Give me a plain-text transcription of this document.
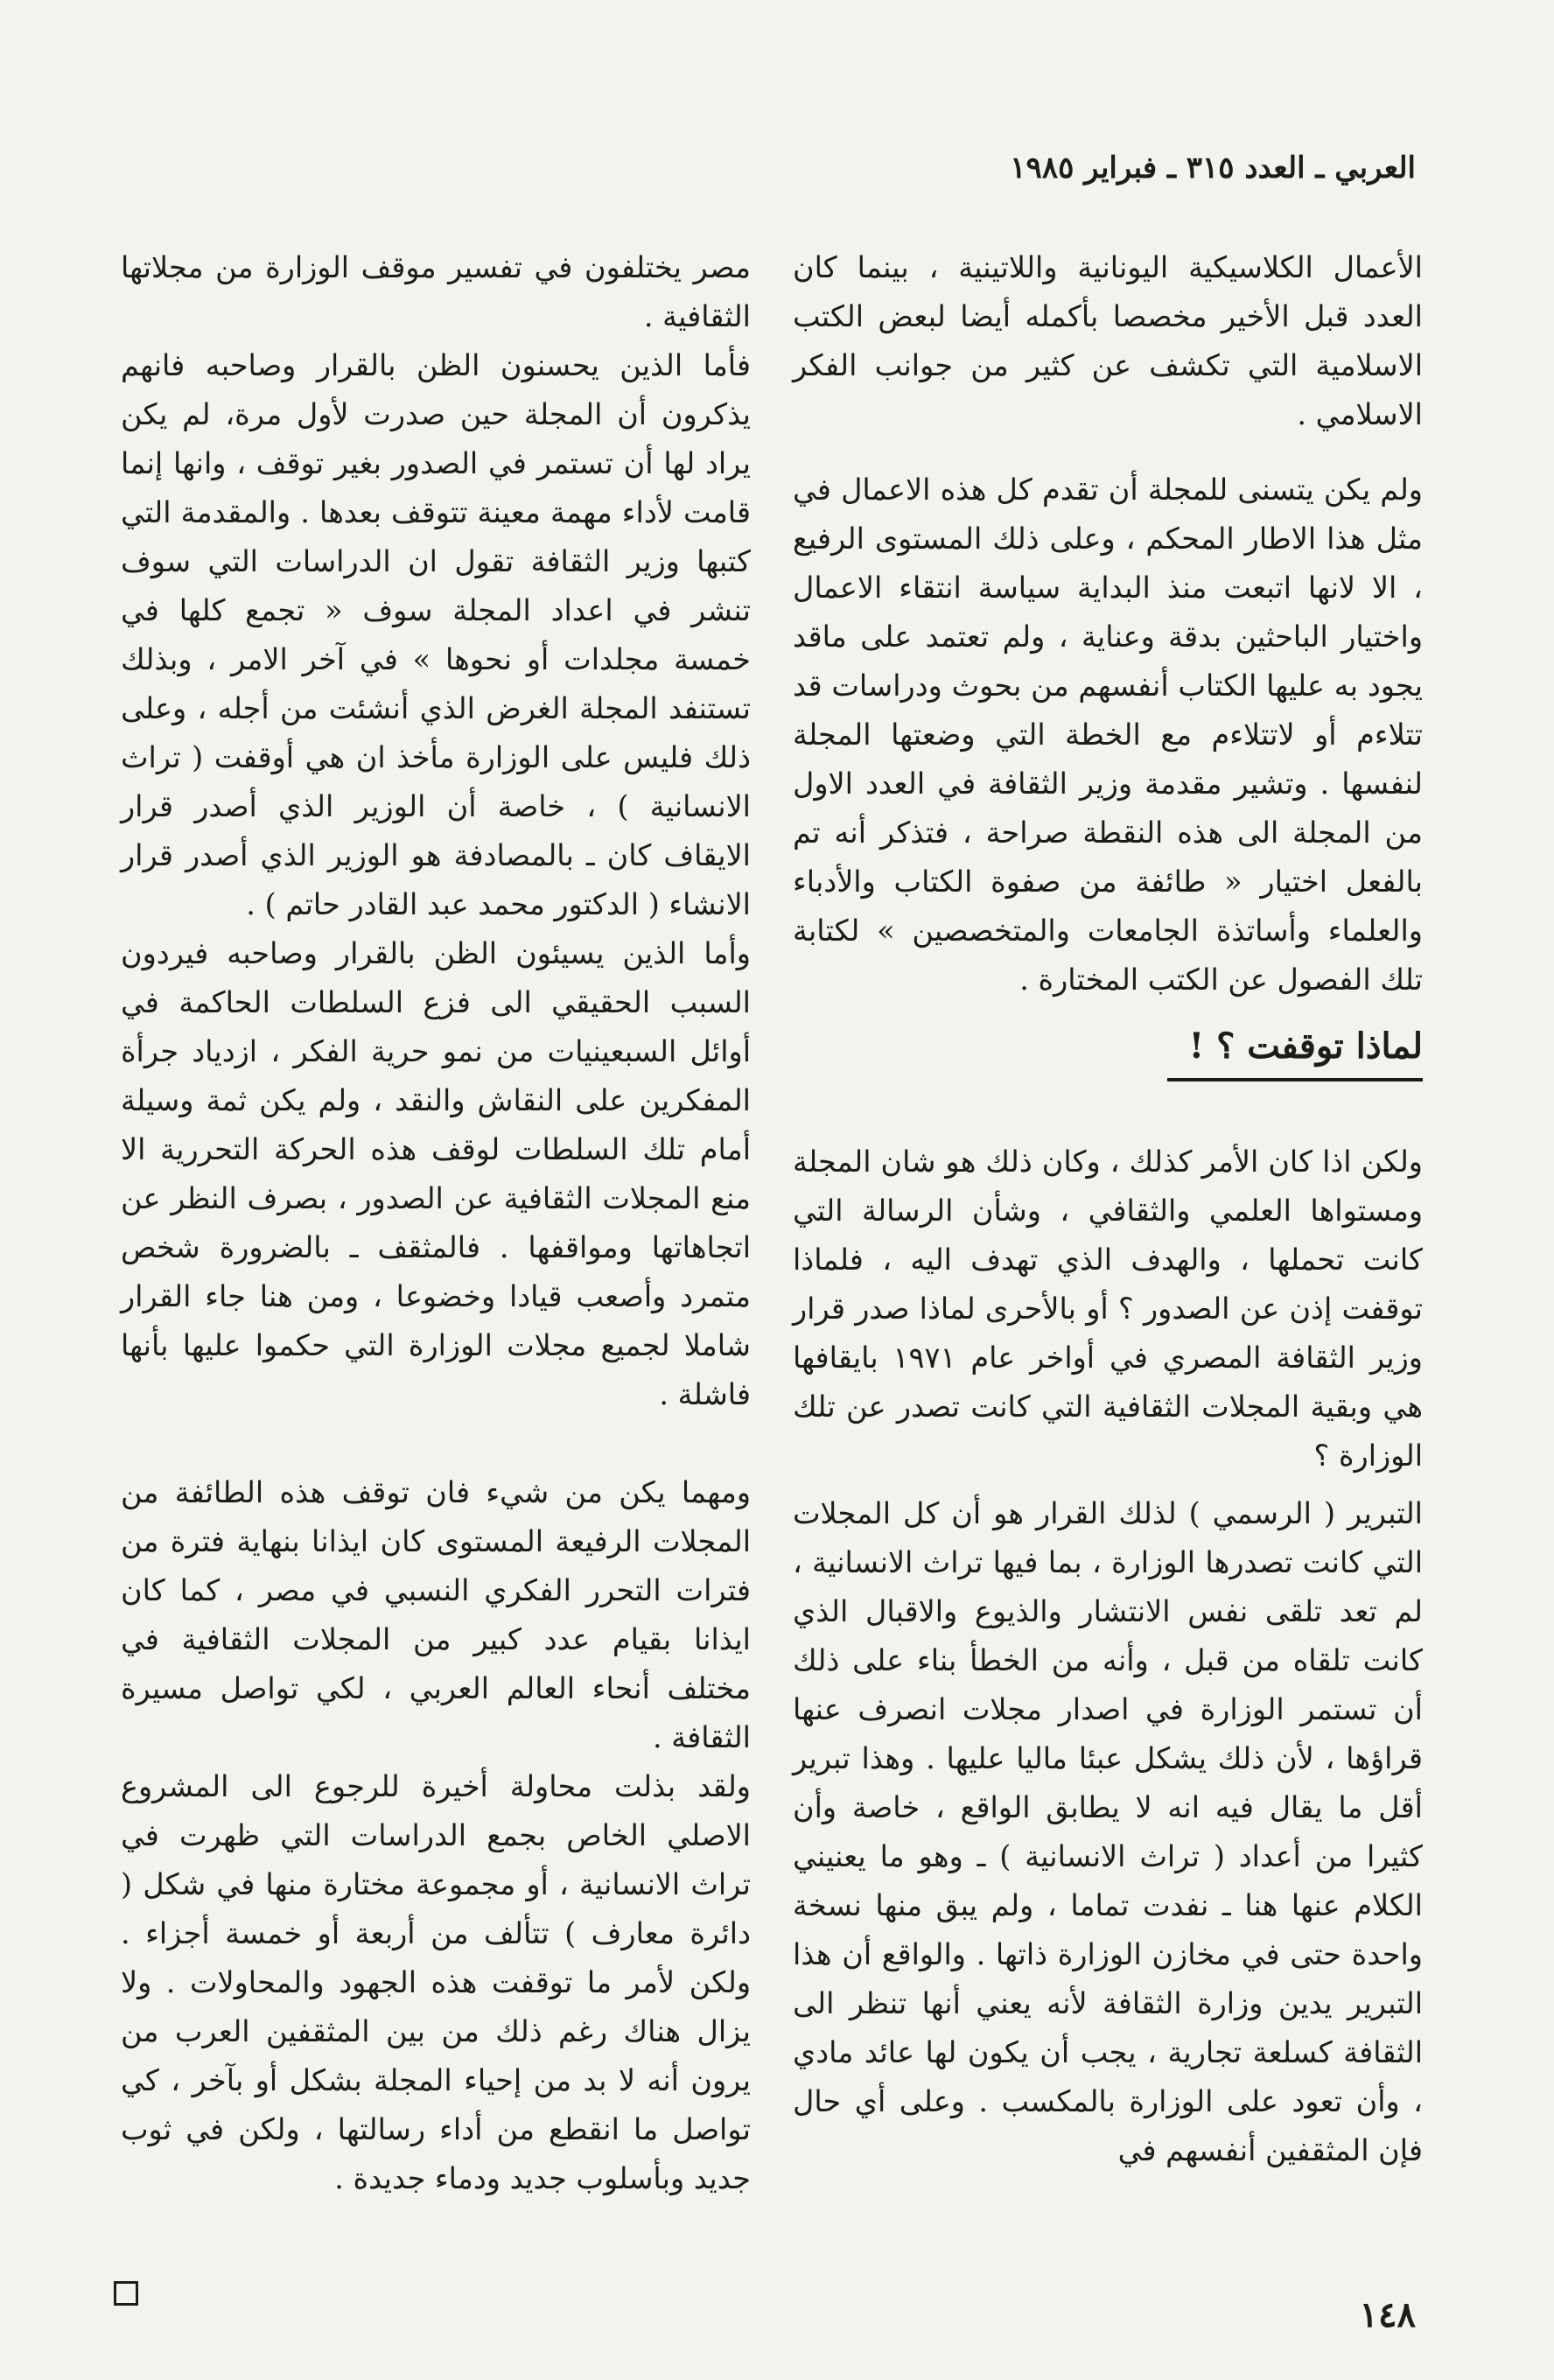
العربي ـ العدد ٣١٥ ـ فبراير ١٩٨٥

الأعمال الكلاسيكية اليونانية واللاتينية ، بينما كان العدد قبل الأخير مخصصا بأكمله أيضا لبعض الكتب الاسلامية التي تكشف عن كثير من جوانب الفكر الاسلامي .

ولم يكن يتسنى للمجلة أن تقدم كل هذه الاعمال في مثل هذا الاطار المحكم ، وعلى ذلك المستوى الرفيع ، الا لانها اتبعت منذ البداية سياسة انتقاء الاعمال واختيار الباحثين بدقة وعناية ، ولم تعتمد على ماقد يجود به عليها الكتاب أنفسهم من بحوث ودراسات قد تتلاءم أو لاتتلاءم مع الخطة التي وضعتها المجلة لنفسها . وتشير مقدمة وزير الثقافة في العدد الاول من المجلة الى هذه النقطة صراحة ، فتذكر أنه تم بالفعل اختيار « طائفة من صفوة الكتاب والأدباء والعلماء وأساتذة الجامعات والمتخصصين » لكتابة تلك الفصول عن الكتب المختارة .

لماذا توقفت ؟ !

ولكن اذا كان الأمر كذلك ، وكان ذلك هو شان المجلة ومستواها العلمي والثقافي ، وشأن الرسالة التي كانت تحملها ، والهدف الذي تهدف اليه ، فلماذا توقفت إذن عن الصدور ؟ أو بالأحرى لماذا صدر قرار وزير الثقافة المصري في أواخر عام ١٩٧١ بايقافها هي وبقية المجلات الثقافية التي كانت تصدر عن تلك الوزارة ؟

التبرير ( الرسمي ) لذلك القرار هو أن كل المجلات التي كانت تصدرها الوزارة ، بما فيها تراث الانسانية ، لم تعد تلقى نفس الانتشار والذيوع والاقبال الذي كانت تلقاه من قبل ، وأنه من الخطأ بناء على ذلك أن تستمر الوزارة في اصدار مجلات انصرف عنها قراؤها ، لأن ذلك يشكل عبئا ماليا عليها . وهذا تبرير أقل ما يقال فيه انه لا يطابق الواقع ، خاصة وأن كثيرا من أعداد ( تراث الانسانية ) ـ وهو ما يعنيني الكلام عنها هنا ـ نفدت تماما ، ولم يبق منها نسخة واحدة حتى في مخازن الوزارة ذاتها . والواقع أن هذا التبرير يدين وزارة الثقافة لأنه يعني أنها تنظر الى الثقافة كسلعة تجارية ، يجب أن يكون لها عائد مادي ، وأن تعود على الوزارة بالمكسب . وعلى أي حال فإن المثقفين أنفسهم في

مصر يختلفون في تفسير موقف الوزارة من مجلاتها الثقافية .

فأما الذين يحسنون الظن بالقرار وصاحبه فانهم يذكرون أن المجلة حين صدرت لأول مرة، لم يكن يراد لها أن تستمر في الصدور بغير توقف ، وانها إنما قامت لأداء مهمة معينة تتوقف بعدها . والمقدمة التي كتبها وزير الثقافة تقول ان الدراسات التي سوف تنشر في اعداد المجلة سوف « تجمع كلها في خمسة مجلدات أو نحوها » في آخر الامر ، وبذلك تستنفد المجلة الغرض الذي أنشئت من أجله ، وعلى ذلك فليس على الوزارة مأخذ ان هي أوقفت ( تراث الانسانية ) ، خاصة أن الوزير الذي أصدر قرار الايقاف كان ـ بالمصادفة هو الوزير الذي أصدر قرار الانشاء ( الدكتور محمد عبد القادر حاتم ) .

وأما الذين يسيئون الظن بالقرار وصاحبه فيردون السبب الحقيقي الى فزع السلطات الحاكمة في أوائل السبعينيات من نمو حرية الفكر ، ازدياد جرأة المفكرين على النقاش والنقد ، ولم يكن ثمة وسيلة أمام تلك السلطات لوقف هذه الحركة التحررية الا منع المجلات الثقافية عن الصدور ، بصرف النظر عن اتجاهاتها ومواقفها . فالمثقف ـ بالضرورة شخص متمرد وأصعب قيادا وخضوعا ، ومن هنا جاء القرار شاملا لجميع مجلات الوزارة التي حكموا عليها بأنها فاشلة .

ومهما يكن من شيء فان توقف هذه الطائفة من المجلات الرفيعة المستوى كان ايذانا بنهاية فترة من فترات التحرر الفكري النسبي في مصر ، كما كان ايذانا بقيام عدد كبير من المجلات الثقافية في مختلف أنحاء العالم العربي ، لكي تواصل مسيرة الثقافة .

ولقد بذلت محاولة أخيرة للرجوع الى المشروع الاصلي الخاص بجمع الدراسات التي ظهرت في تراث الانسانية ، أو مجموعة مختارة منها في شكل ( دائرة معارف ) تتألف من أربعة أو خمسة أجزاء . ولكن لأمر ما توقفت هذه الجهود والمحاولات . ولا يزال هناك رغم ذلك من بين المثقفين العرب من يرون أنه لا بد من إحياء المجلة بشكل أو بآخر ، كي تواصل ما انقطع من أداء رسالتها ، ولكن في ثوب جديد وبأسلوب جديد ودماء جديدة .

١٤٨
